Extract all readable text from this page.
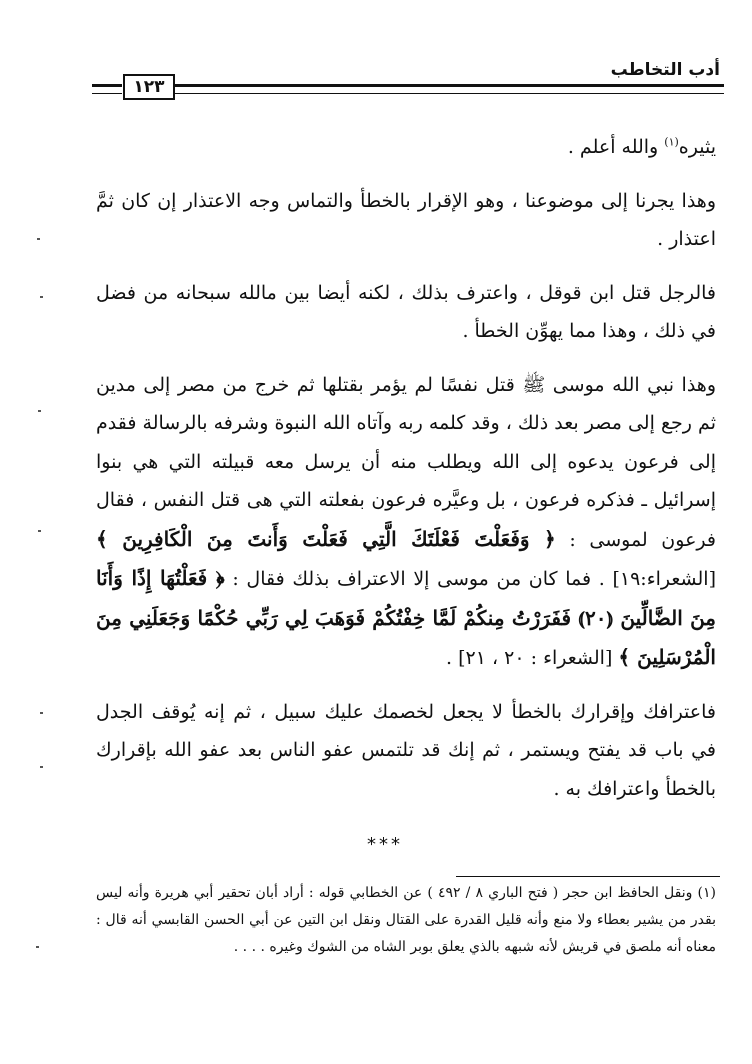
أدب التخاطب
١٢٣

يثيره$^{(١)}$ والله أعلم .

وهذا يجرنا إلى موضوعنا ، وهو الإقرار بالخطأ والتماس وجه الاعتذار إن كان ثمَّ اعتذار .

فالرجل قتل ابن قوقل ، واعترف بذلك ، لكنه أيضا بين مالله سبحانه من فضل في ذلك ، وهذا مما يهوِّن الخطأ .

وهذا نبي الله موسى ﷺ قتل نفسًا لم يؤمر بقتلها ثم خرج من مصر إلى مدين ثم رجع إلى مصر بعد ذلك ، وقد كلمه ربه وآتاه الله النبوة وشرفه بالرسالة فقدم إلى فرعون يدعوه إلى الله ويطلب منه أن يرسل معه قبيلته التي هي بنوا إسرائيل ـ فذكره فرعون ، بل وعيَّره فرعون بفعلته التي هى قتل النفس ، فقال فرعون لموسى : ﴿ وَفَعَلْتَ فَعْلَتَكَ الَّتِي فَعَلْتَ وَأَنتَ مِنَ الْكَافِرِينَ ﴾ [الشعراء:١٩] . فما كان من موسى إلا الاعتراف بذلك فقال : ﴿ فَعَلْتُهَا إِذًا وَأَنَا مِنَ الضَّالِّينَ ⦅٢٠⦆ فَفَرَرْتُ مِنكُمْ لَمَّا خِفْتُكُمْ فَوَهَبَ لِي رَبِّي حُكْمًا وَجَعَلَنِي مِنَ الْمُرْسَلِينَ ﴾ [الشعراء : ٢٠ ، ٢١] .

فاعترافك وإقرارك بالخطأ لا يجعل لخصمك عليك سبيل ، ثم إنه يُوقف الجدل في باب قد يفتح ويستمر ، ثم إنك قد تلتمس عفو الناس بعد عفو الله بإقرارك بالخطأ واعترافك به .

***

(١) ونقل الحافظ ابن حجر ( فتح الباري ٨ / ٤٩٢ ) عن الخطابي قوله : أراد أبان تحقير أبي هريرة وأنه ليس بقدر من يشير بعطاء ولا منع وأنه قليل القدرة على القتال ونقل ابن التين عن أبي الحسن القابسي أنه قال : معناه أنه ملصق في قريش لأنه شبهه بالذي يعلق بوبر الشاه من الشوك وغيره . . . .
